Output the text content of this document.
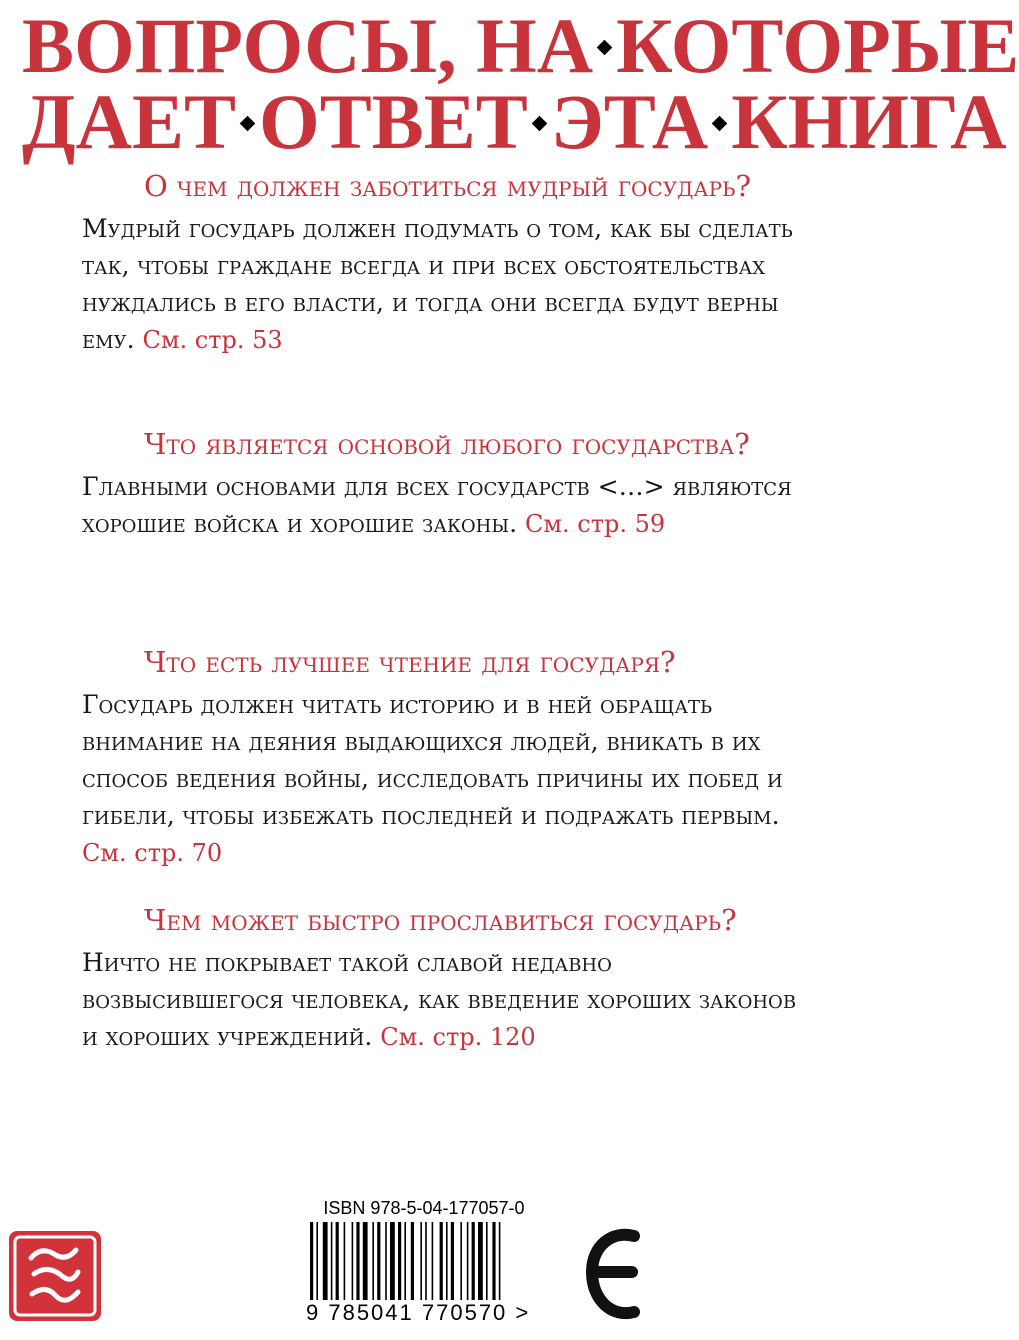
ВОПРОСЫ, НА КОТОРЫЕ
ДАЕТ ОТВЕТ ЭТА КНИГА

О чем должен заботиться мудрый государь?

Мудрый государь должен подумать о том, как бы сделать так, чтобы граждане всегда и при всех обстоятельствах нуждались в его власти, и тогда они всегда будут верны ему. См. стр. 53

Что является основой любого государства?

Главными основами для всех государств <…> являются хорошие войска и хорошие законы. См. стр. 59

Что есть лучшее чтение для государя?

Государь должен читать историю и в ней обращать внимание на деяния выдающихся людей, вникать в их способ ведения войны, исследовать причины их побед и гибели, чтобы избежать последней и подражать первым. См. стр. 70

Чем может быстро прославиться государь?

Ничто не покрывает такой славой недавно возвысившегося человека, как введение хороших законов и хороших учреждений. См. стр. 120

ISBN 978-5-04-177057-0
9 785041 770570 >
